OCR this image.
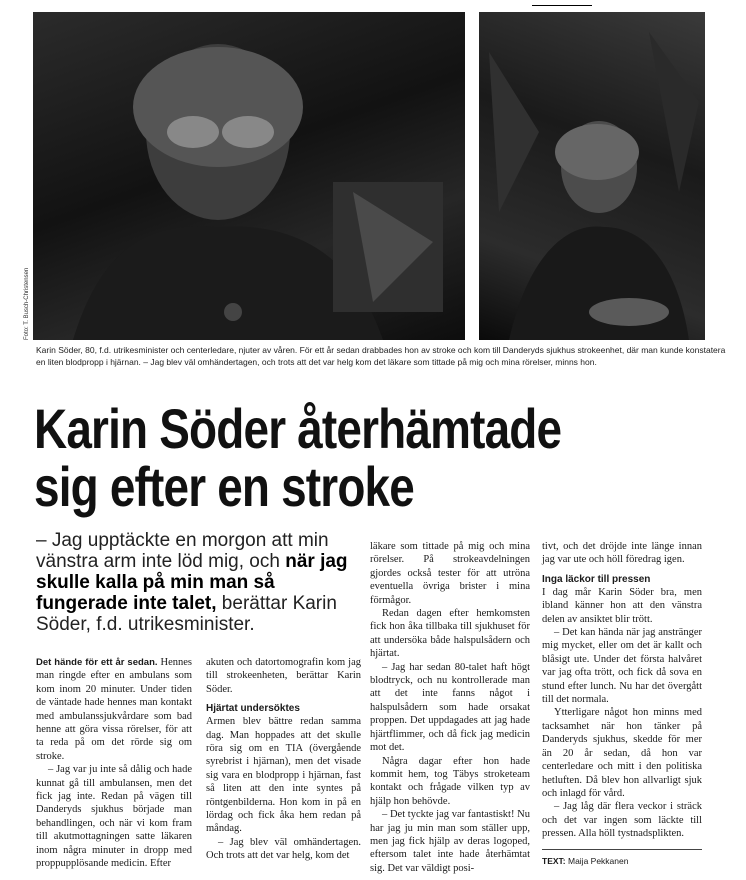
Foto: T. Busch-Christensen
Karin Söder, 80, f.d. utrikesminister och centerledare, njuter av våren. För ett år sedan drabbades hon av stroke och kom till Danderyds sjukhus strokeenhet, där man kunde konstatera en liten blodpropp i hjärnan. – Jag blev väl omhändertagen, och trots att det var helg kom det läkare som tittade på mig och mina rörelser, minns hon.
Karin Söder återhämtade
sig efter en stroke
– Jag upptäckte en morgon att min vänstra arm inte löd mig, och när jag skulle kalla på min man så fungerade inte talet, berättar Karin Söder, f.d. utrikesminister.

Det hände för ett år sedan. Hennes man ringde efter en ambulans som kom inom 20 minuter. Under tiden de väntade hade hennes man kontakt med ambulanssjukvårdare som bad henne att göra vissa rörelser, för att ta reda på om det rörde sig om stroke.

– Jag var ju inte så dålig och hade kunnat gå till ambulansen, men det fick jag inte. Redan på vägen till Danderyds sjukhus började man behandlingen, och när vi kom fram till akutmottagningen satte läkaren inom några minuter in dropp med proppupplösande medicin. Efter

akuten och datortomografin kom jag till strokeenheten, berättar Karin Söder.

Hjärtat undersöktes

Armen blev bättre redan samma dag. Man hoppades att det skulle röra sig om en TIA (övergående syrebrist i hjärnan), men det visade sig vara en blodpropp i hjärnan, fast så liten att den inte syntes på röntgenbilderna. Hon kom in på en lördag och fick åka hem redan på måndag.

– Jag blev väl omhändertagen. Och trots att det var helg, kom det

läkare som tittade på mig och mina rörelser. På strokeavdelningen gjordes också tester för att utröna eventuella övriga brister i mina förmågor.

Redan dagen efter hemkomsten fick hon åka tillbaka till sjukhuset för att undersöka både halspulsådern och hjärtat.

– Jag har sedan 80-talet haft högt blodtryck, och nu kontrollerade man att det inte fanns något i halspulsådern som hade orsakat proppen. Det uppdagades att jag hade hjärtflimmer, och då fick jag medicin mot det.

Några dagar efter hon hade kommit hem, tog Täbys stroketeam kontakt och frågade vilken typ av hjälp hon behövde.

– Det tyckte jag var fantastiskt! Nu har jag ju min man som ställer upp, men jag fick hjälp av deras logoped, eftersom talet inte hade återhämtat sig. Det var väldigt posi-

tivt, och det dröjde inte länge innan jag var ute och höll föredrag igen.

Inga läckor till pressen

I dag mår Karin Söder bra, men ibland känner hon att den vänstra delen av ansiktet blir trött.

– Det kan hända när jag anstränger mig mycket, eller om det är kallt och blåsigt ute. Under det första halvåret var jag ofta trött, och fick då sova en stund efter lunch. Nu har det övergått till det normala.

Ytterligare något hon minns med tacksamhet när hon tänker på Danderyds sjukhus, skedde för mer än 20 år sedan, då hon var centerledare och mitt i den politiska hetluften. Då blev hon allvarligt sjuk och inlagd för vård.

– Jag låg där flera veckor i sträck och det var ingen som läckte till pressen. Alla höll tystnadsplikten.

TEXT: Maija Pekkanen
